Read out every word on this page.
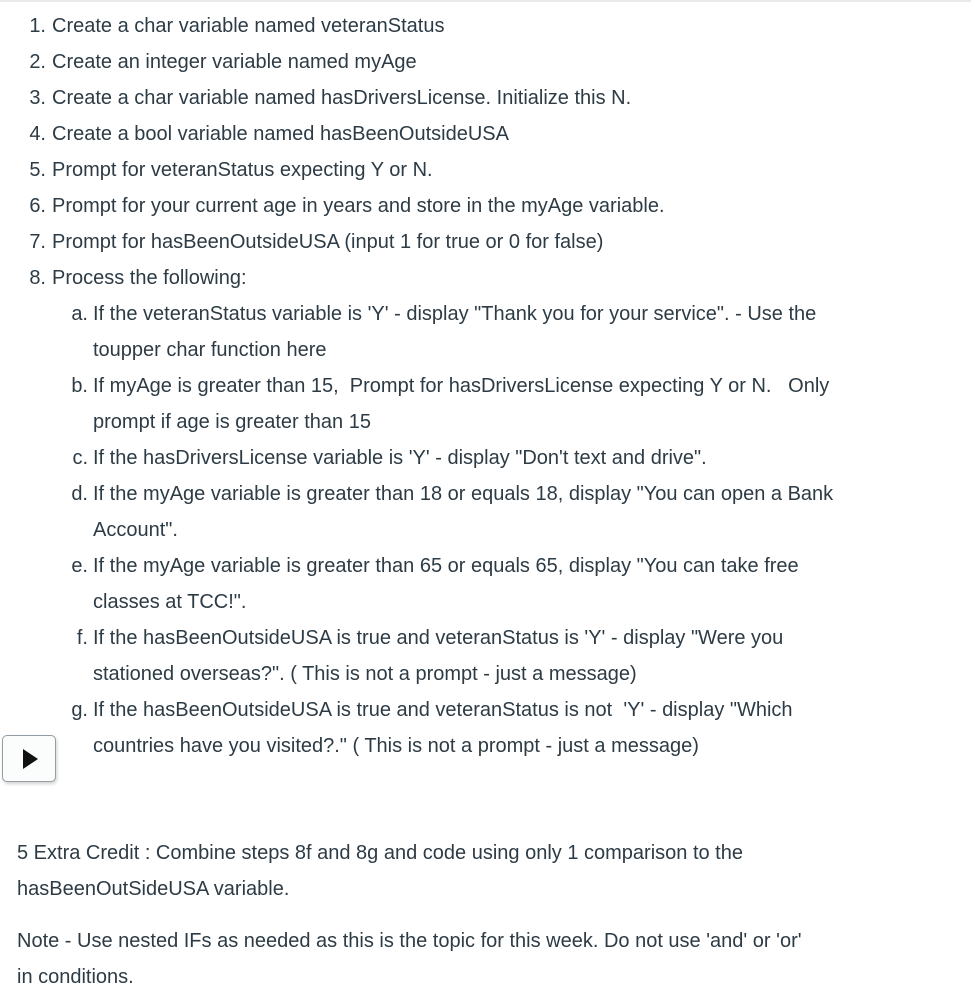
1. Create a char variable named veteranStatus
2. Create an integer variable named myAge
3. Create a char variable named hasDriversLicense. Initialize this N.
4. Create a bool variable named hasBeenOutsideUSA
5. Prompt for veteranStatus expecting Y or N.
6. Prompt for your current age in years and store in the myAge variable.
7. Prompt for hasBeenOutsideUSA (input 1 for true or 0 for false)
8. Process the following:
a. If the veteranStatus variable is 'Y' - display "Thank you for your service". - Use the
toupper char function here
b. If myAge is greater than 15,  Prompt for hasDriversLicense expecting Y or N.   Only
prompt if age is greater than 15
c. If the hasDriversLicense variable is 'Y' - display "Don't text and drive".
d. If the myAge variable is greater than 18 or equals 18, display "You can open a Bank
Account".
e. If the myAge variable is greater than 65 or equals 65, display "You can take free
classes at TCC!".
f. If the hasBeenOutsideUSA is true and veteranStatus is 'Y' - display "Were you
stationed overseas?". ( This is not a prompt - just a message)
g. If the hasBeenOutsideUSA is true and veteranStatus is not  'Y' - display "Which
countries have you visited?." ( This is not a prompt - just a message)
5 Extra Credit : Combine steps 8f and 8g and code using only 1 comparison to the
hasBeenOutSideUSA variable.
Note - Use nested IFs as needed as this is the topic for this week. Do not use 'and' or 'or'
in conditions.
